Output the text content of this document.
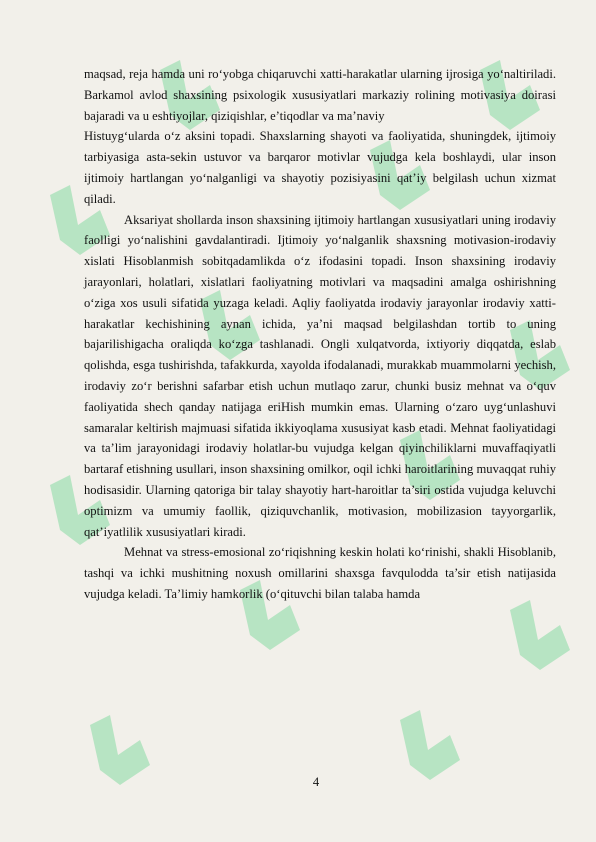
maqsad, reja hamda uni ro‘yobga chiqaruvchi xatti-harakatlar ularning ijrosiga yo‘naltiriladi. Barkamol avlod shaxsining psixologik xususiyatlari markaziy rolining motivasiya doirasi bajaradi va u eshtiyojlar, qiziqishlar, e’tiqodlar va ma’naviy

Histuyg‘ularda o‘z aksini topadi. Shaxslarning shayoti va faoliyatida, shuningdek, ijtimoiy tarbiyasiga asta-sekin ustuvor va barqaror motivlar vujudga kela boshlaydi, ular inson ijtimoiy hartlangan yo‘nalganligi va shayotiy pozisiyasini qat’iy belgilash uchun xizmat qiladi.

Aksariyat shollarda inson shaxsining ijtimoiy hartlangan xususiyatlari uning irodaviy faolligi yo‘nalishini gavdalantiradi. Ijtimoiy yo‘nalganlik shaxsning motivasion-irodaviy xislati Hisoblanmish sobitqadamlikda o‘z ifodasini topadi. Inson shaxsining irodaviy jarayonlari, holatlari, xislatlari faoliyatning motivlari va maqsadini amalga oshirishning o‘ziga xos usuli sifatida yuzaga keladi. Aqliy faoliyatda irodaviy jarayonlar irodaviy xatti-harakatlar kechishining aynan ichida, ya’ni maqsad belgilashdan tortib to uning bajarilishigacha oraliqda ko‘zga tashlanadi. Ongli xulqatvorda, ixtiyoriy diqqatda, eslab qolishda, esga tushirishda, tafakkurda, xayolda ifodalanadi, murakkab muammolarni yechish, irodaviy zo‘r berishni safarbar etish uchun mutlaqo zarur, chunki busiz mehnat va o‘quv faoliyatida shech qanday natijaga eriHish mumkin emas. Ularning o‘zaro uyg‘unlashuvi samaralar keltirish majmuasi sifatida ikkiyoqlama xususiyat kasb etadi. Mehnat faoliyatidagi va ta’lim jarayonidagi irodaviy holatlar-bu vujudga kelgan qiyinchiliklarni muvaffaqiyatli bartaraf etishning usullari, inson shaxsining omilkor, oqil ichki haroitlarining muvaqqat ruhiy hodisasidir. Ularning qatoriga bir talay shayotiy hart-haroitlar ta’siri ostida vujudga keluvchi optimizm va umumiy faollik, qiziquvchanlik, motivasion, mobilizasion tayyorgarlik, qat’iyatlilik xususiyatlari kiradi.

Mehnat va stress-emosional zo‘riqishning keskin holati ko‘rinishi, shakli Hisoblanib, tashqi va ichki mushitning noxush omillarini shaxsga favqulodda ta’sir etish natijasida vujudga keladi. Ta’limiy hamkorlik (o‘qituvchi bilan talaba hamda

4
